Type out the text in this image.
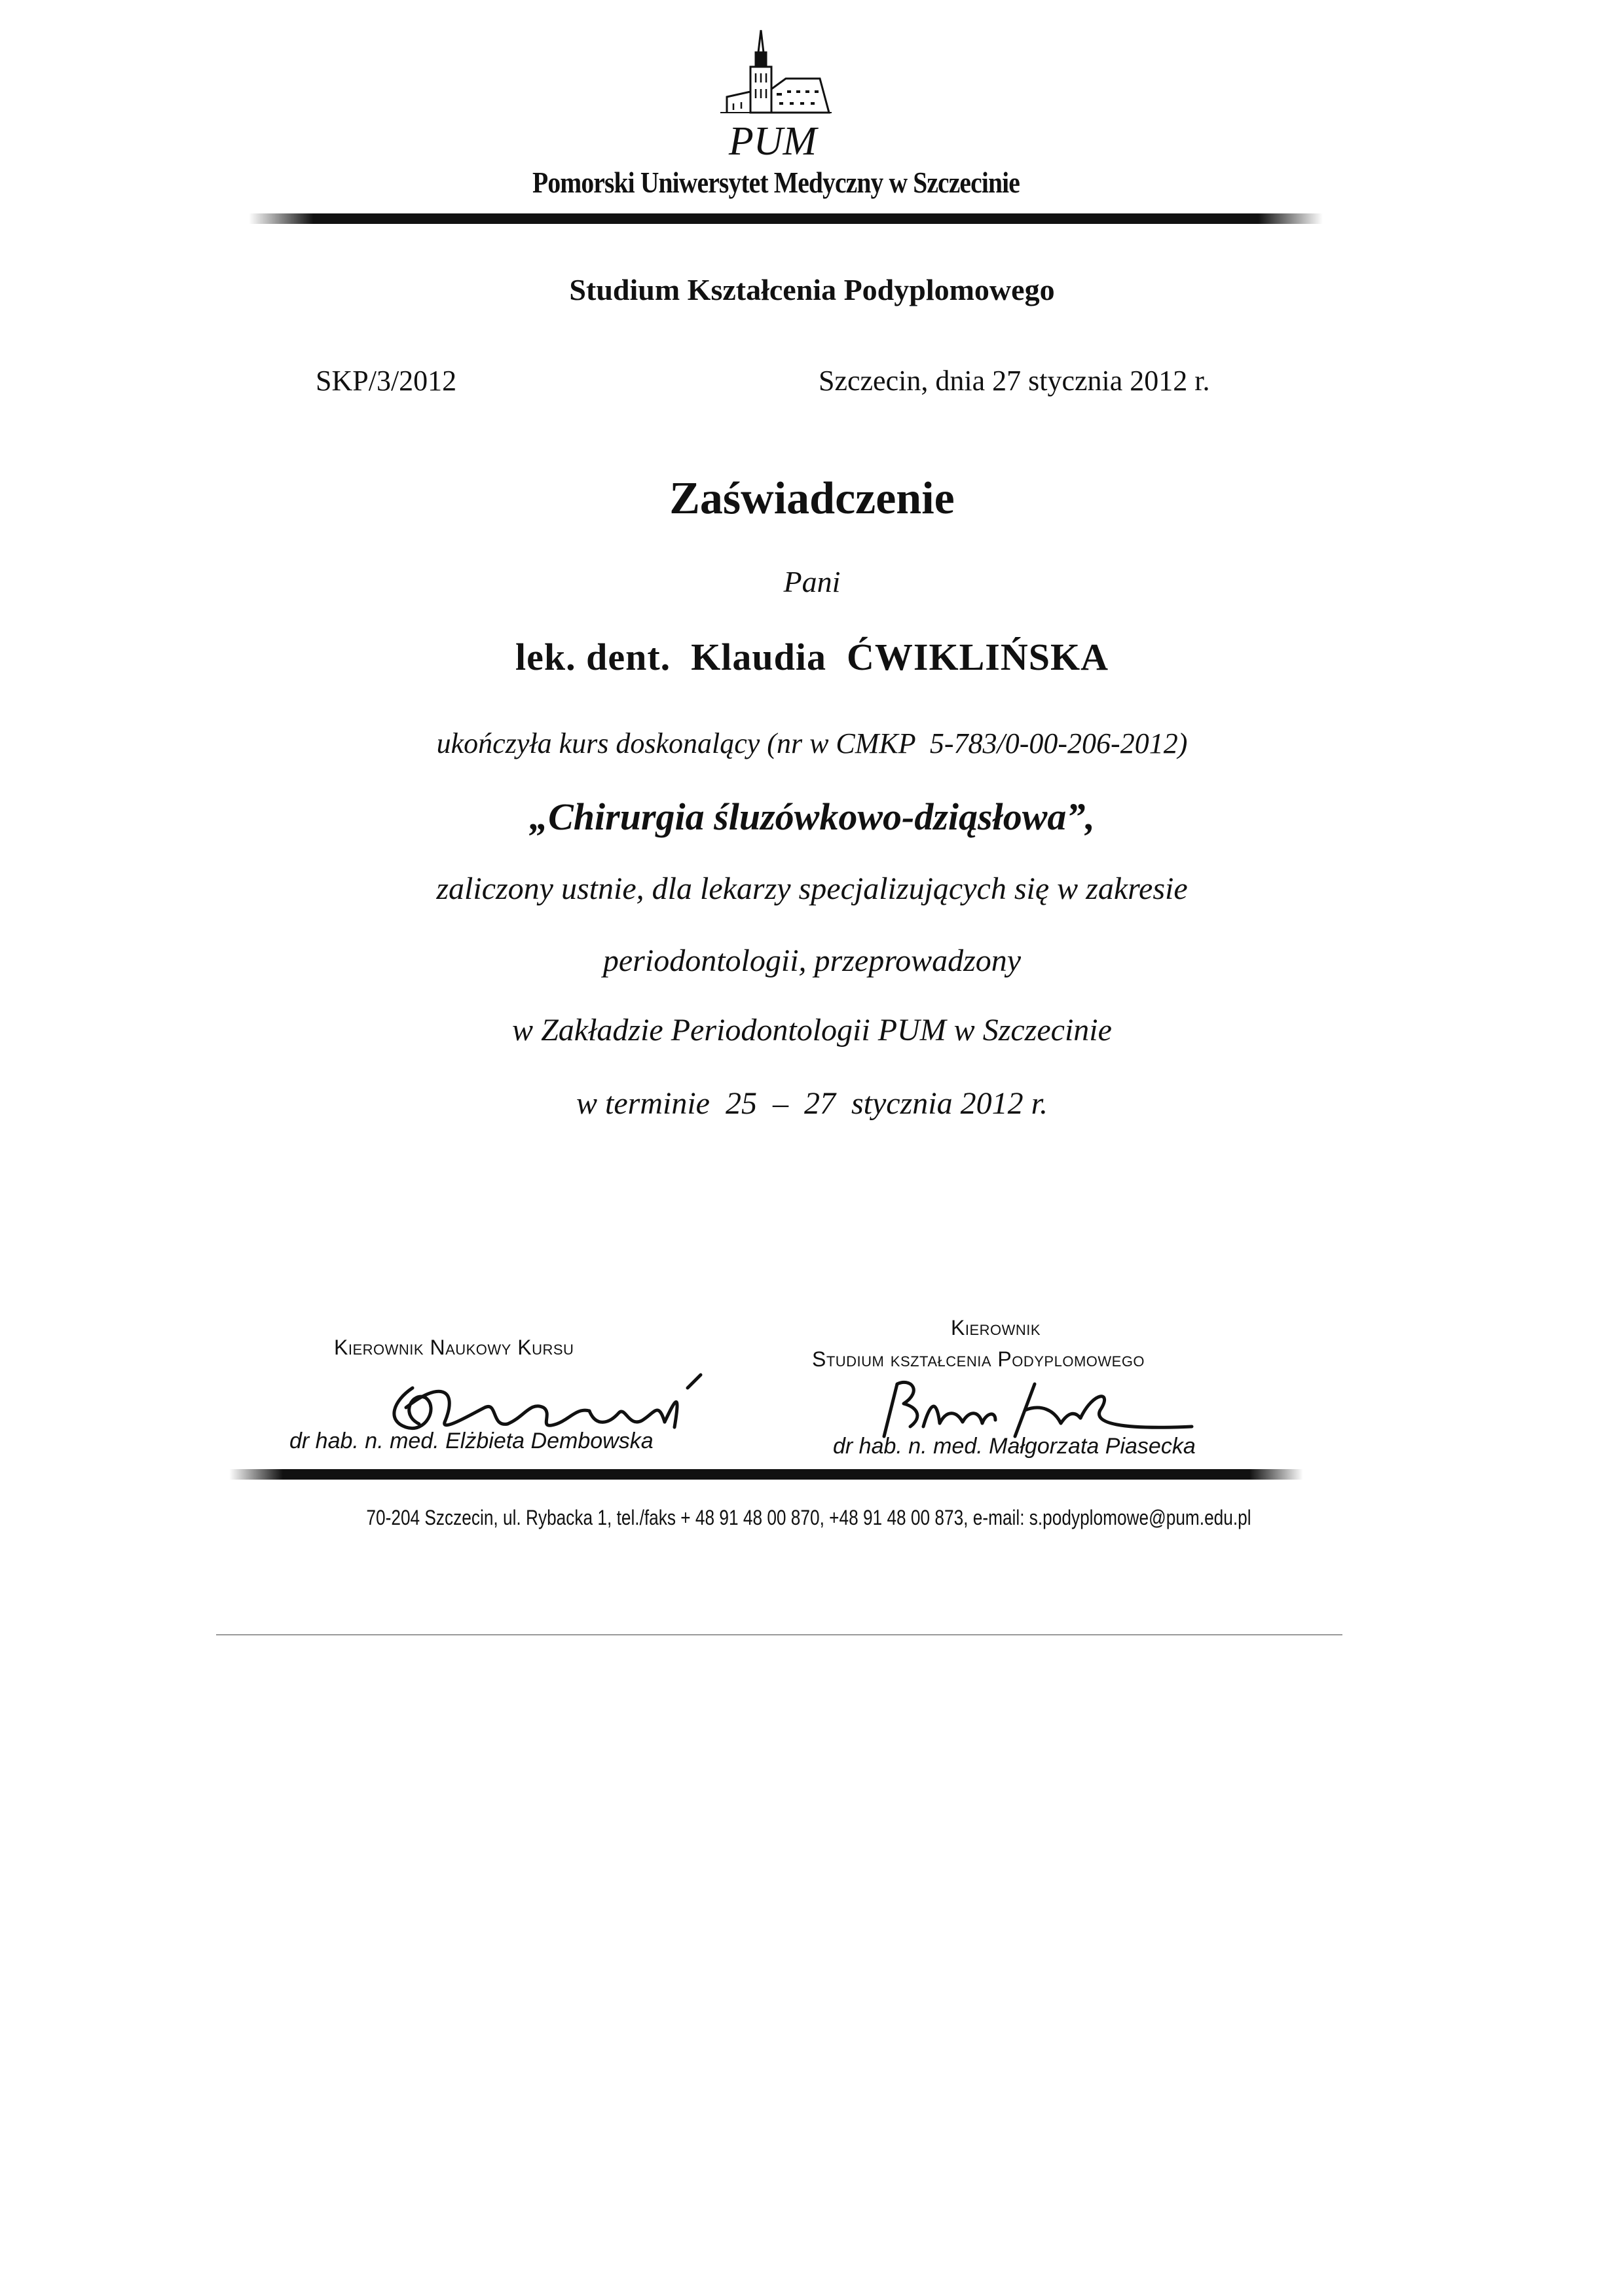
PUM
Pomorski Uniwersytet Medyczny w Szczecinie
Studium Kształcenia Podyplomowego
SKP/3/2012	Szczecin, dnia 27 stycznia 2012 r.
Zaświadczenie
Pani
lek. dent.  Klaudia  ĆWIKLIŃSKA
ukończyła kurs doskonalący (nr w CMKP  5-783/0-00-206-2012)
„Chirurgia śluzówkowo-dziąsłowa”,
zaliczony ustnie, dla lekarzy specjalizujących się w zakresie
periodontologii, przeprowadzony
w Zakładzie Periodontologii PUM w Szczecinie
w terminie  25  –  27  stycznia 2012 r.
Kierownik Naukowy Kursu
dr hab. n. med. Elżbieta Dembowska
Kierownik
Studium kształcenia Podyplomowego
dr hab. n. med. Małgorzata Piasecka
70-204 Szczecin, ul. Rybacka 1, tel./faks + 48 91 48 00 870, +48 91 48 00 873, e-mail: s.podyplomowe@pum.edu.pl
